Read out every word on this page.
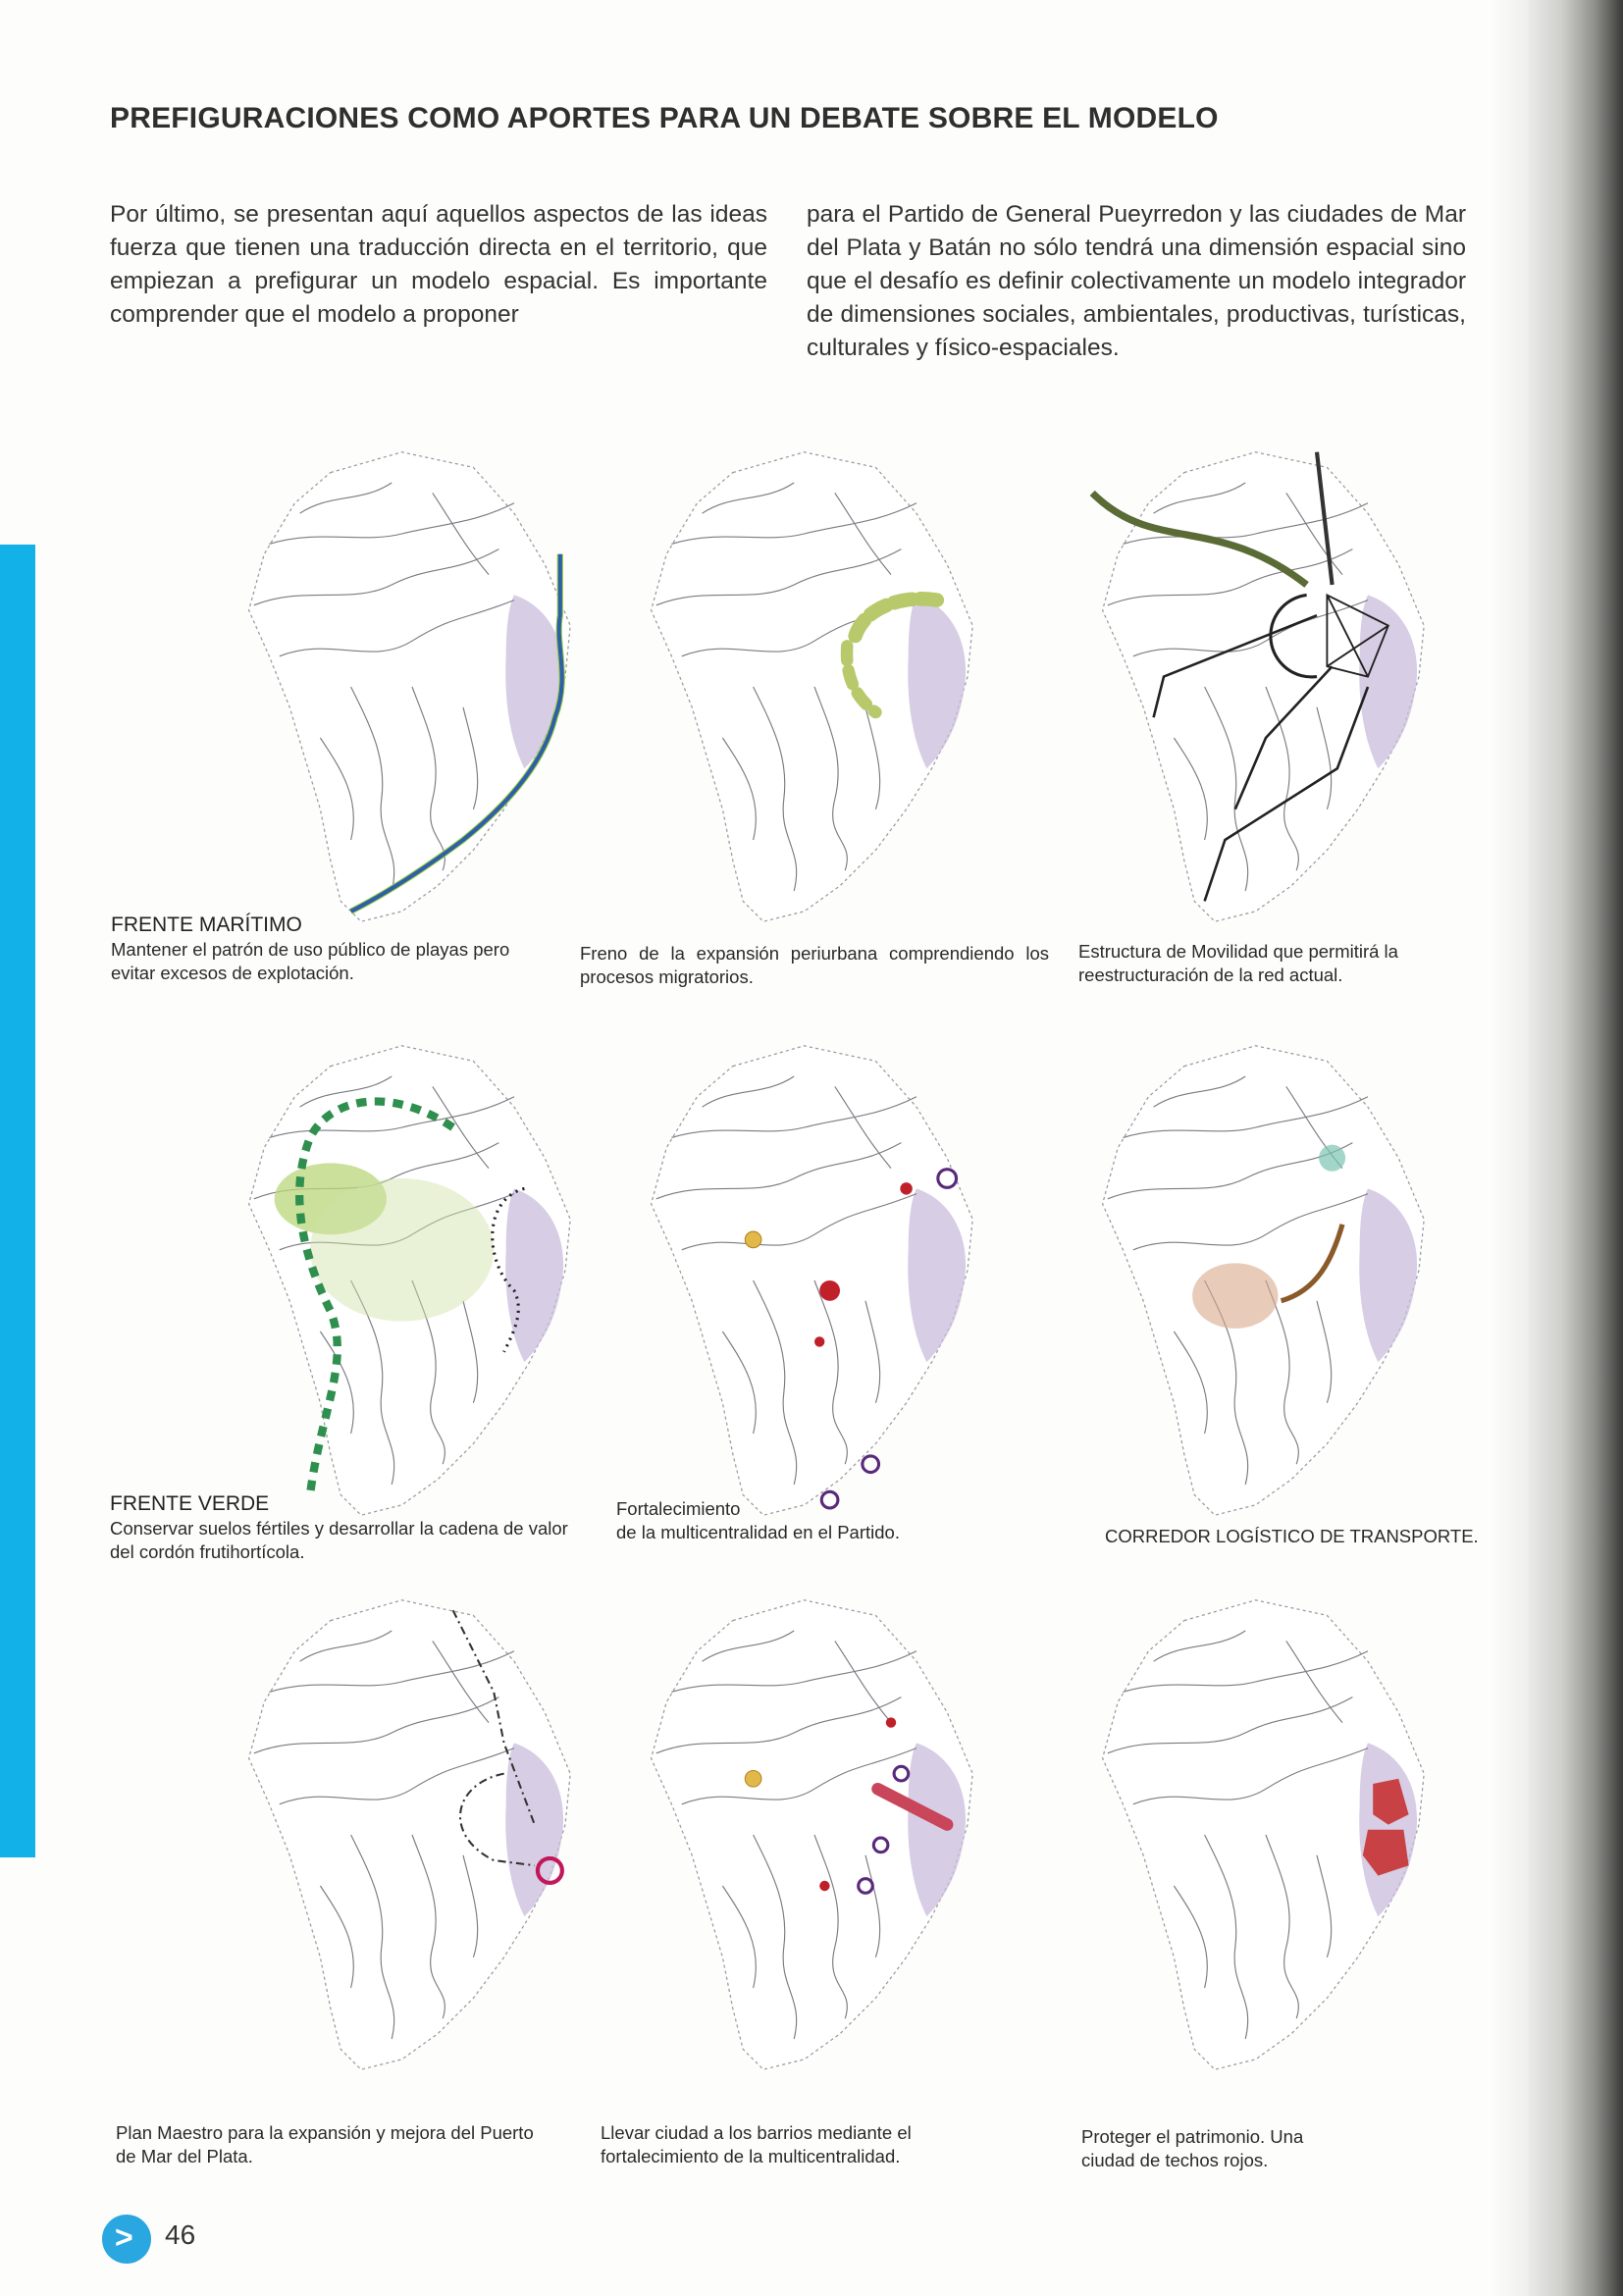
PREFIGURACIONES COMO APORTES PARA UN DEBATE SOBRE EL MODELO

Por último, se presentan aquí aquellos aspectos de las ideas fuerza que tienen una traducción directa en el territorio, que empiezan a prefigurar un modelo espacial. Es importante comprender que el modelo a proponer

para el Partido de General Pueyrredon y las ciudades de Mar del Plata y Batán no sólo tendrá una dimensión espacial sino que el desafío es definir colectivamente un modelo integrador de dimensiones sociales, ambientales, productivas, turísticas, culturales y físico-espaciales.

FRENTE MARÍTIMO
Mantener el patrón de uso público de playas pero evitar excesos de explotación.
Freno de la expansión periurbana comprendiendo los procesos migratorios.
Estructura de Movilidad que permitirá la reestructuración de la red actual.
FRENTE VERDE
Conservar suelos fértiles y desarrollar la cadena de valor del cordón frutihortícola.
Fortalecimiento
de la multicentralidad en el Partido.	CORREDOR LOGÍSTICO DE TRANSPORTE.
Plan Maestro para la expansión y mejora del Puerto de Mar del Plata.
Llevar ciudad a los barrios mediante el fortalecimiento de la multicentralidad.
Proteger el patrimonio. Una ciudad de techos rojos.
> 46
